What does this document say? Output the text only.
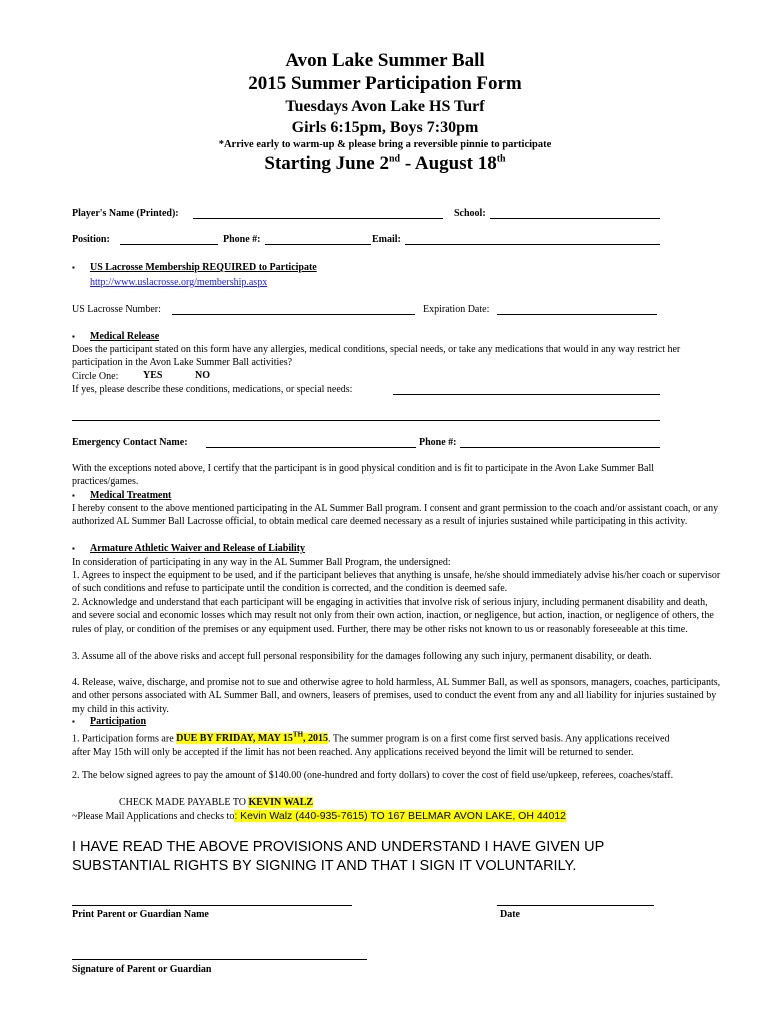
Avon Lake Summer Ball
2015 Summer Participation Form
Tuesdays Avon Lake HS Turf
Girls 6:15pm, Boys 7:30pm
*Arrive early to warm-up & please bring a reversible pinnie to participate
Starting June 2nd - August 18th
Player's Name (Printed):	School:
Position:	Phone #:	Email:
▪ US Lacrosse Membership REQUIRED to Participate
http://www.uslacrosse.org/membership.aspx
US Lacrosse Number:	Expiration Date:
▪ Medical Release
Does the participant stated on this form have any allergies, medical conditions, special needs, or take any medications that would in any way restrict her participation in the Avon Lake Summer Ball activities?
Circle One: YES	NO
If yes, please describe these conditions, medications, or special needs:
Emergency Contact Name:	Phone #:
With the exceptions noted above, I certify that the participant is in good physical condition and is fit to participate in the Avon Lake Summer Ball practices/games.
▪ Medical Treatment
I hereby consent to the above mentioned participating in the AL Summer Ball program. I consent and grant permission to the coach and/or assistant coach, or any authorized AL Summer Ball Lacrosse official, to obtain medical care deemed necessary as a result of injuries sustained while participating in this activity.
▪ Armature Athletic Waiver and Release of Liability
In consideration of participating in any way in the AL Summer Ball Program, the undersigned:
1. Agrees to inspect the equipment to be used, and if the participant believes that anything is unsafe, he/she should immediately advise his/her coach or supervisor of such conditions and refuse to participate until the condition is corrected, and the condition is deemed safe.
2. Acknowledge and understand that each participant will be engaging in activities that involve risk of serious injury, including permanent disability and death, and severe social and economic losses which may result not only from their own action, inaction, or negligence, but action, inaction, or negligence of others, the rules of play, or condition of the premises or any equipment used. Further, there may be other risks not known to us or reasonably foreseeable at this time.
3. Assume all of the above risks and accept full personal responsibility for the damages following any such injury, permanent disability, or death.
4. Release, waive, discharge, and promise not to sue and otherwise agree to hold harmless, AL Summer Ball, as well as sponsors, managers, coaches, participants, and other persons associated with AL Summer Ball, and owners, leasers of premises, used to conduct the event from any and all liability for injuries sustained by my child in this activity.
▪ Participation
1. Participation forms are DUE BY FRIDAY, MAY 15TH, 2015. The summer program is on a first come first served basis. Any applications received after May 15th will only be accepted if the limit has not been reached. Any applications received beyond the limit will be returned to sender.
2. The below signed agrees to pay the amount of $140.00 (one-hundred and forty dollars) to cover the cost of field use/upkeep, referees, coaches/staff.
CHECK MADE PAYABLE TO KEVIN WALZ
~Please Mail Applications and checks to: Kevin Walz (440-935-7615) TO 167 BELMAR AVON LAKE, OH 44012
I HAVE READ THE ABOVE PROVISIONS AND UNDERSTAND I HAVE GIVEN UP SUBSTANTIAL RIGHTS BY SIGNING IT AND THAT I SIGN IT VOLUNTARILY.
Print Parent or Guardian Name	Date
Signature of Parent or Guardian
